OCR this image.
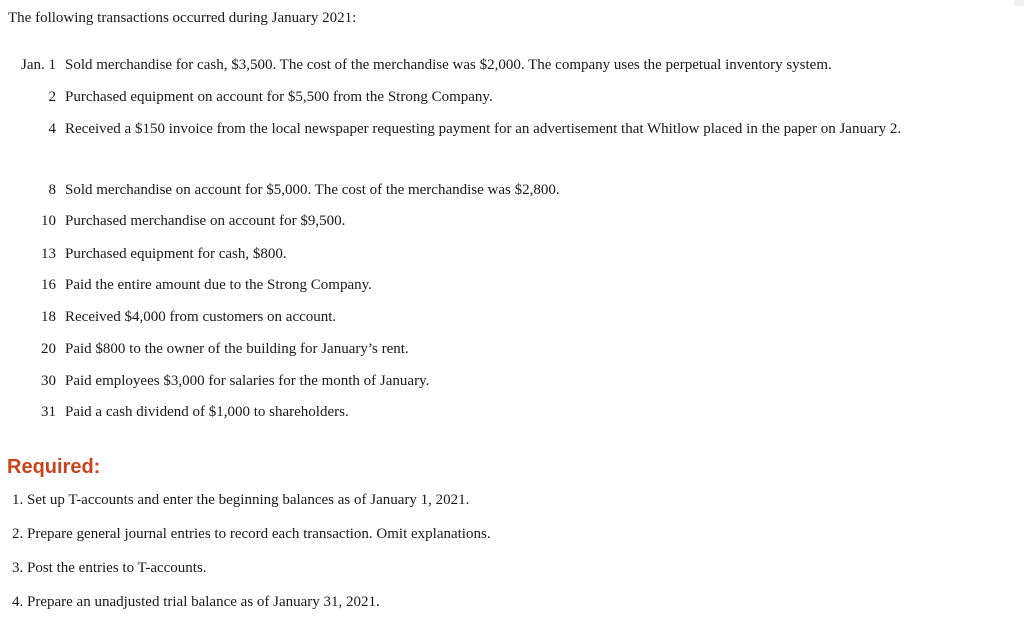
The following transactions occurred during January 2021:
Jan. 1 Sold merchandise for cash, $3,500. The cost of the merchandise was $2,000. The company uses the perpetual inventory system.
2 Purchased equipment on account for $5,500 from the Strong Company.
4 Received a $150 invoice from the local newspaper requesting payment for an advertisement that Whitlow placed in the paper on January 2.
8 Sold merchandise on account for $5,000. The cost of the merchandise was $2,800.
10 Purchased merchandise on account for $9,500.
13 Purchased equipment for cash, $800.
16 Paid the entire amount due to the Strong Company.
18 Received $4,000 from customers on account.
20 Paid $800 to the owner of the building for January’s rent.
30 Paid employees $3,000 for salaries for the month of January.
31 Paid a cash dividend of $1,000 to shareholders.
Required:
1. Set up T-accounts and enter the beginning balances as of January 1, 2021.
2. Prepare general journal entries to record each transaction. Omit explanations.
3. Post the entries to T-accounts.
4. Prepare an unadjusted trial balance as of January 31, 2021.
